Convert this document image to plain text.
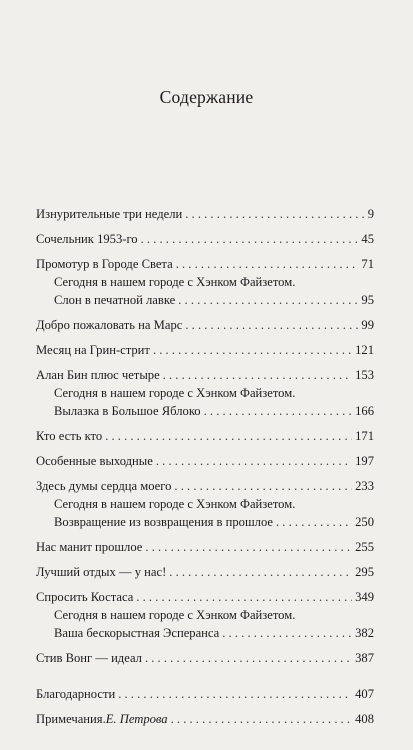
Содержание
Изнурительные три недели . . .	9
Сочельник 1953-го . . .	45
Промотур в Городе Света . . .	71
Сегодня в нашем городе с Хэнком Файзетом.
Слон в печатной лавке . . .	95
Добро пожаловать на Марс . . .	99
Месяц на Грин-стрит . . .	121
Алан Бин плюс четыре . . .	153
Сегодня в нашем городе с Хэнком Файзетом.
Вылазка в Большое Яблоко . . .	166
Кто есть кто . . .	171
Особенные выходные . . .	197
Здесь думы сердца моего . . .	233
Сегодня в нашем городе с Хэнком Файзетом.
Возвращение из возвращения в прошлое . . .	250
Нас манит прошлое . . .	255
Лучший отдых — у нас! . . .	295
Спросить Костаса . . .	349
Сегодня в нашем городе с Хэнком Файзетом.
Ваша бескорыстная Эсперанса . . .	382
Стив Вонг — идеал . . .	387
Благодарности . . .	407
Примечания. Е. Петрова . . .	408
